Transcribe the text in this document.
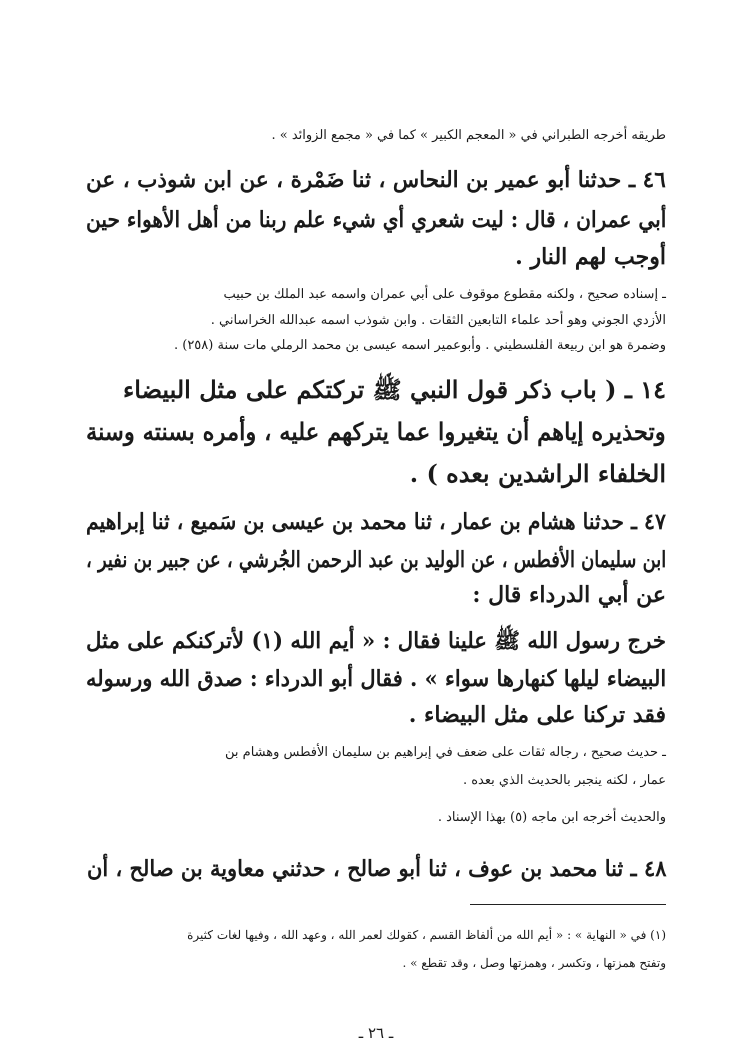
طريقه أخرجه الطبراني في « المعجم الكبير » كما في « مجمع الزوائد » .
٤٦ ـ حدثنا أبو عمير بن النحاس ، ثنا ضَمْرة ، عن ابن شوذب ، عن
أبي عمران ، قال : ليت شعري أي شيء علم ربنا من أهل الأهواء حين
أوجب لهم النار .
ـ إسناده صحيح ، ولكنه مقطوع موقوف على أبي عمران واسمه عبد الملك بن حبيب
الأزدي الجوني وهو أحد علماء التابعين الثقات . وابن شوذب اسمه عبدالله الخراساني .
وضمرة هو ابن ربيعة الفلسطيني . وأبوعمير اسمه عيسى بن محمد الرملي مات سنة (٢٥٨) .
١٤ ـ ( باب ذكر قول النبي ﷺ تركتكم على مثل البيضاء
وتحذيره إياهم أن يتغيروا عما يتركهم عليه ، وأمره بسنته وسنة
الخلفاء الراشدين بعده ) .
٤٧ ـ حدثنا هشام بن عمار ، ثنا محمد بن عيسى بن سَميع ، ثنا إبراهيم
ابن سليمان الأفطس ، عن الوليد بن عبد الرحمن الجُرشي ، عن جبير بن نفير ،
عن أبي الدرداء قال :
خرج رسول الله ﷺ علينا فقال : « أيم الله (١) لأتركنكم على مثل
البيضاء ليلها كنهارها سواء » . فقال أبو الدرداء : صدق الله ورسوله
فقد تركنا على مثل البيضاء .
ـ حديث صحيح ، رجاله ثقات على ضعف في إبراهيم بن سليمان الأفطس وهشام بن
عمار ، لكنه ينجبر بالحديث الذي بعده .
والحديث أخرجه ابن ماجه (٥) بهذا الإسناد .
٤٨ ـ ثنا محمد بن عوف ، ثنا أبو صالح ، حدثني معاوية بن صالح ، أن
(١) في « النهاية » : « أيم الله من ألفاظ القسم ، كقولك لعمر الله ، وعهد الله ، وفيها لغات كثيرة
وتفتح همزتها ، وتكسر ، وهمزتها وصل ، وقد تقطع » .
ـ ٢٦ ـ
